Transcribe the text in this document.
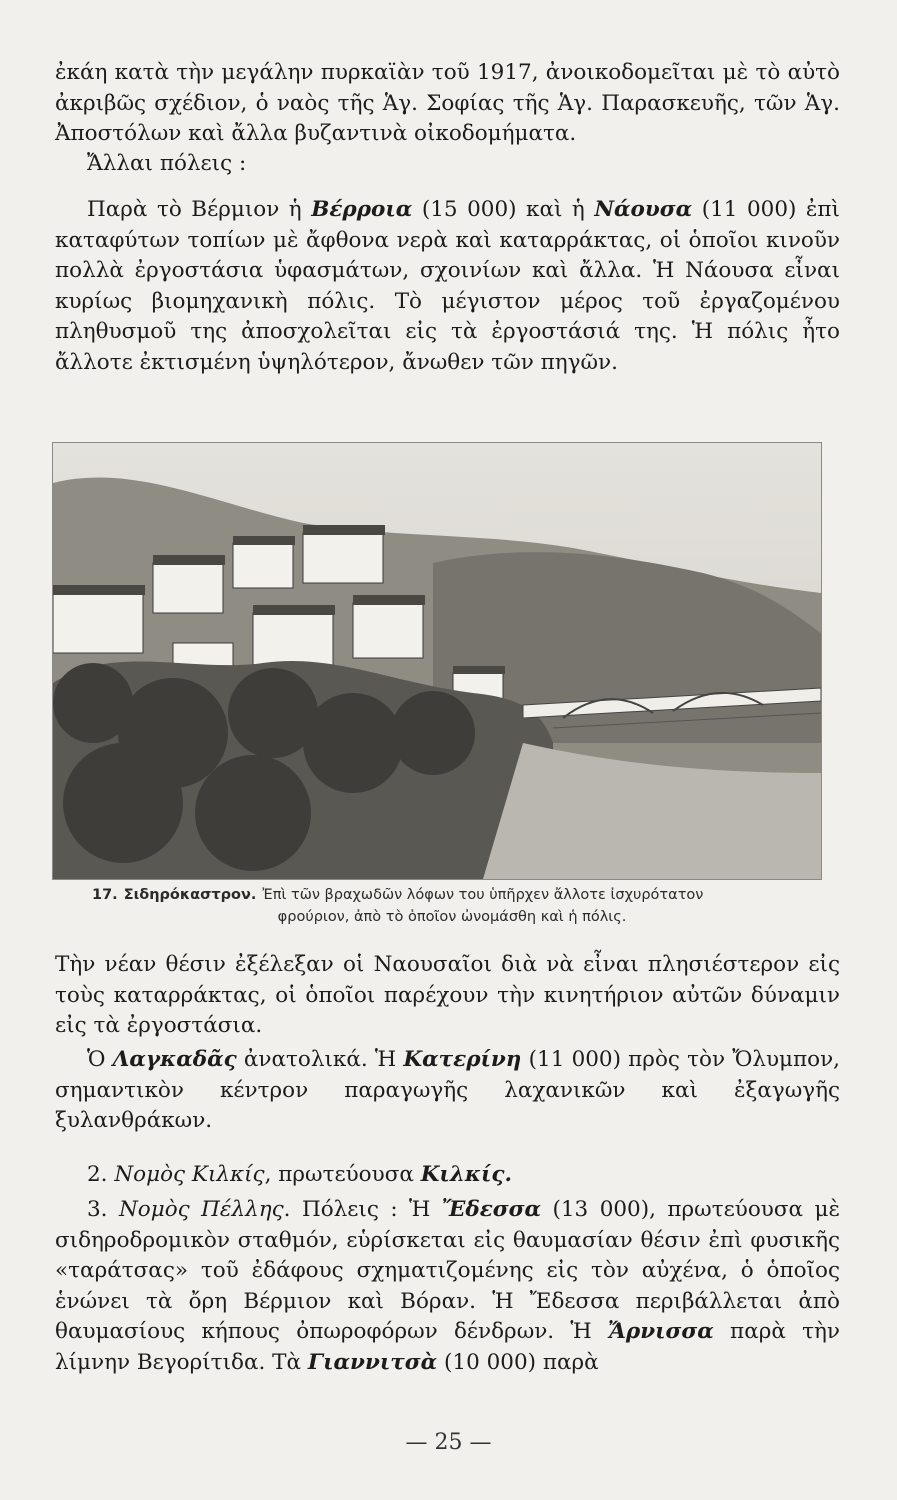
ἐκάη κατὰ τὴν μεγάλην πυρκαϊὰν τοῦ 1917, ἀνοικοδομεῖται μὲ τὸ αὐτὸ ἀκριβῶς σχέδιον, ὁ ναὸς τῆς Ἁγ. Σοφίας τῆς Ἁγ. Παρασκευῆς, τῶν Ἁγ. Ἀποστόλων καὶ ἄλλα βυζαντινὰ οἰκοδομήματα.

Ἄλλαι πόλεις :

Παρὰ τὸ Βέρμιον ἡ Βέρροια (15 000) καὶ ἡ Νάουσα (11 000) ἐπὶ καταφύτων τοπίων μὲ ἄφθονα νερὰ καὶ καταρράκτας, οἱ ὁποῖοι κινοῦν πολλὰ ἐργοστάσια ὑφασμάτων, σχοινίων καὶ ἄλλα. Ἡ Νάουσα εἶναι κυρίως βιομηχανικὴ πόλις. Τὸ μέγιστον μέρος τοῦ ἐργαζομένου πληθυσμοῦ της ἀποσχολεῖται εἰς τὰ ἐργοστάσιά της. Ἡ πόλις ἦτο ἄλλοτε ἐκτισμένη ὑψηλότερον, ἄνωθεν τῶν πηγῶν.

17. Σιδηρόκαστρον. Ἐπὶ τῶν βραχωδῶν λόφων του ὑπῆρχεν ἄλλοτε ἰσχυρότατον
φρούριον, ἀπὸ τὸ ὁποῖον ὠνομάσθη καὶ ἡ πόλις.

Τὴν νέαν θέσιν ἐξέλεξαν οἱ Ναουσαῖοι διὰ νὰ εἶναι πλησιέστερον εἰς τοὺς καταρράκτας, οἱ ὁποῖοι παρέχουν τὴν κινητήριον αὐτῶν δύναμιν εἰς τὰ ἐργοστάσια.

Ὁ Λαγκαδᾶς ἀνατολικά. Ἡ Κατερίνη (11 000) πρὸς τὸν Ὄλυμπον, σημαντικὸν κέντρον παραγωγῆς λαχανικῶν καὶ ἐξαγωγῆς ξυλανθράκων.

2. Νομὸς Κιλκίς, πρωτεύουσα Κιλκίς.

3. Νομὸς Πέλλης. Πόλεις : Ἡ Ἔδεσσα (13 000), πρωτεύουσα μὲ σιδηροδρομικὸν σταθμόν, εὑρίσκεται εἰς θαυμασίαν θέσιν ἐπὶ φυσικῆς «ταράτσας» τοῦ ἐδάφους σχηματιζομένης εἰς τὸν αὐχένα, ὁ ὁποῖος ἑνώνει τὰ ὄρη Βέρμιον καὶ Βόραν. Ἡ Ἔδεσσα περιβάλλεται ἀπὸ θαυμασίους κήπους ὀπωροφόρων δένδρων. Ἡ Ἄρνισσα παρὰ τὴν λίμνην Βεγορίτιδα. Τὰ Γιαννιτσὰ (10 000) παρὰ

— 25 —
